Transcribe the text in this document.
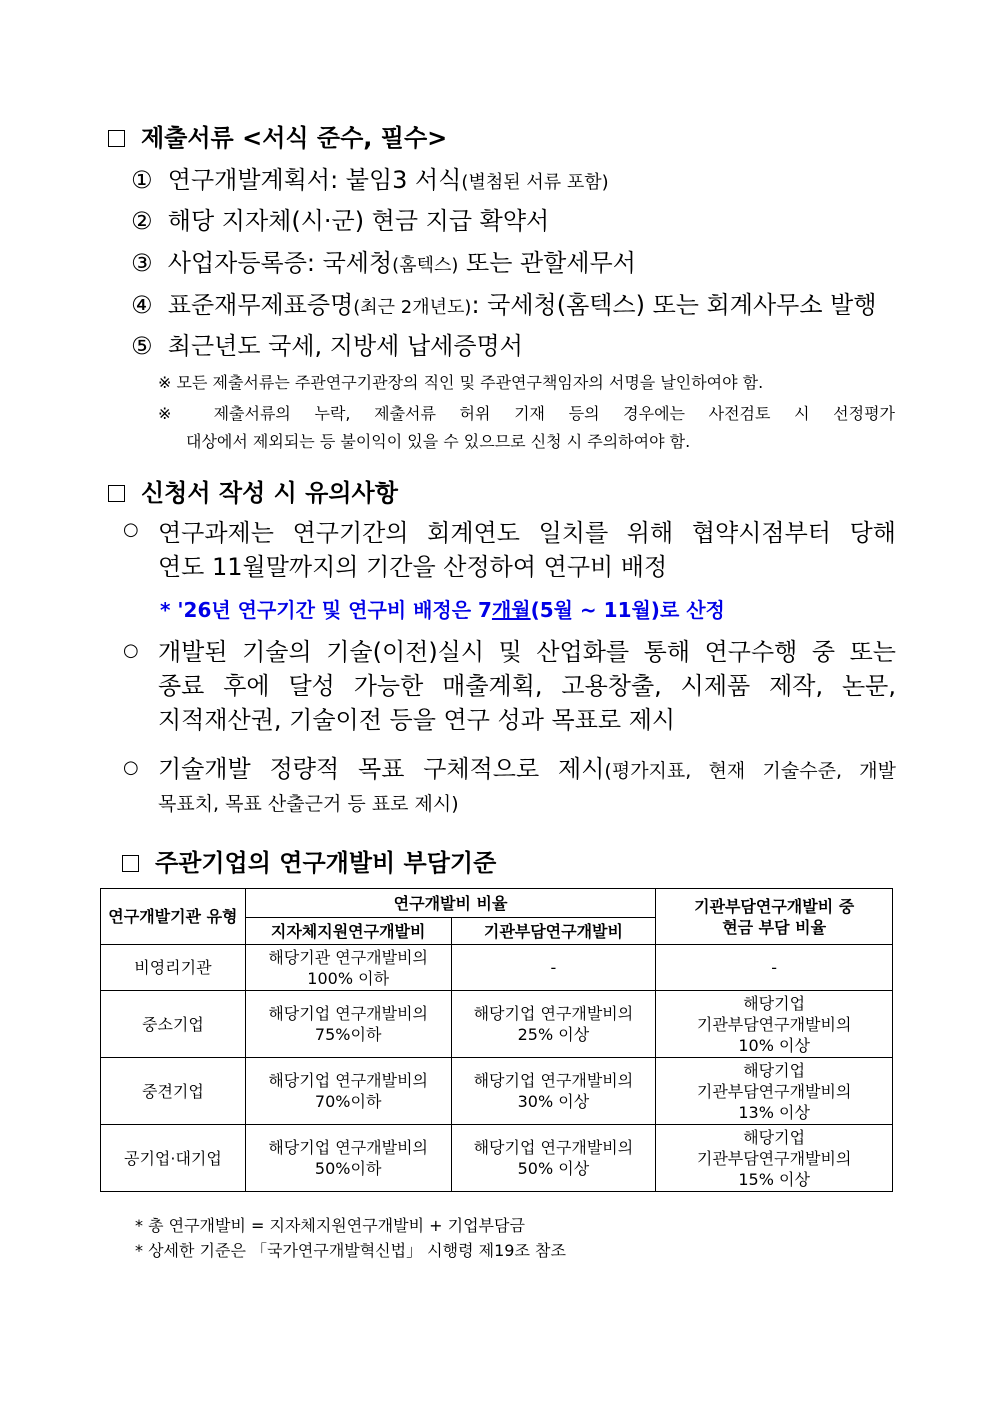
제출서류 <서식 준수, 필수>
① 연구개발계획서: 붙임3 서식(별첨된 서류 포함)
② 해당 지자체(시·군) 현금 지급 확약서
③ 사업자등록증: 국세청(홈텍스) 또는 관할세무서
④ 표준재무제표증명(최근 2개년도): 국세청(홈텍스) 또는 회계사무소 발행
⑤ 최근년도 국세, 지방세 납세증명서
※ 모든 제출서류는 주관연구기관장의 직인 및 주관연구책임자의 서명을 날인하여야 함.
※ 제출서류의 누락, 제출서류 허위 기재 등의 경우에는 사전검토 시 선정평가
대상에서 제외되는 등 불이익이 있을 수 있으므로 신청 시 주의하여야 함.
신청서 작성 시 유의사항
○ 연구과제는 연구기간의 회계연도 일치를 위해 협약시점부터 당해
연도 11월말까지의 기간을 산정하여 연구비 배정
* '26년 연구기간 및 연구비 배정은 7개월(5월 ~ 11월)로 산정
○ 개발된 기술의 기술(이전)실시 및 산업화를 통해 연구수행 중 또는
종료 후에 달성 가능한 매출계획, 고용창출, 시제품 제작, 논문,
지적재산권, 기술이전 등을 연구 성과 목표로 제시
○ 기술개발 정량적 목표 구체적으로 제시(평가지표, 현재 기술수준, 개발
목표치, 목표 산출근거 등 표로 제시)
주관기업의 연구개발비 부담기준
연구개발기관 유형	연구개발비 비율		기관부담연구개발비 중
현금 부담 비율
	지자체지원연구개발비	기관부담연구개발비	
비영리기관	해당기관 연구개발비의
100% 이하	-	-
중소기업	해당기업 연구개발비의
75%이하	해당기업 연구개발비의
25% 이상	해당기업
기관부담연구개발비의
10% 이상
중견기업	해당기업 연구개발비의
70%이하	해당기업 연구개발비의
30% 이상	해당기업
기관부담연구개발비의
13% 이상
공기업·대기업	해당기업 연구개발비의
50%이하	해당기업 연구개발비의
50% 이상	해당기업
기관부담연구개발비의
15% 이상
* 총 연구개발비 = 지자체지원연구개발비 + 기업부담금
* 상세한 기준은 「국가연구개발혁신법」 시행령 제19조 참조
